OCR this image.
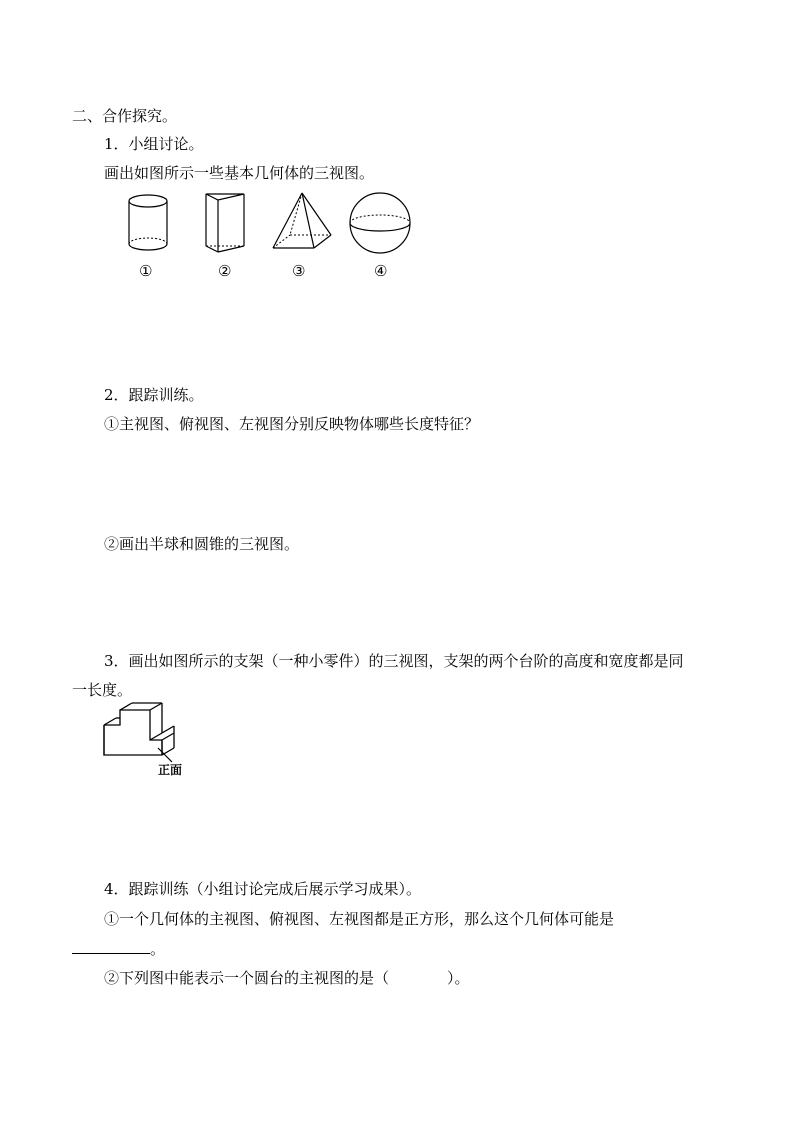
二、合作探究。
1．小组讨论。
画出如图所示一些基本几何体的三视图。
①	②	③	④
2．跟踪训练。
①主视图、俯视图、左视图分别反映物体哪些长度特征？
②画出半球和圆锥的三视图。
3．画出如图所示的支架（一种小零件）的三视图，支架的两个台阶的高度和宽度都是同
一长度。
正面
4．跟踪训练（小组讨论完成后展示学习成果）。
①一个几何体的主视图、俯视图、左视图都是正方形，那么这个几何体可能是
。
②下列图中能表示一个圆台的主视图的是（	）。
